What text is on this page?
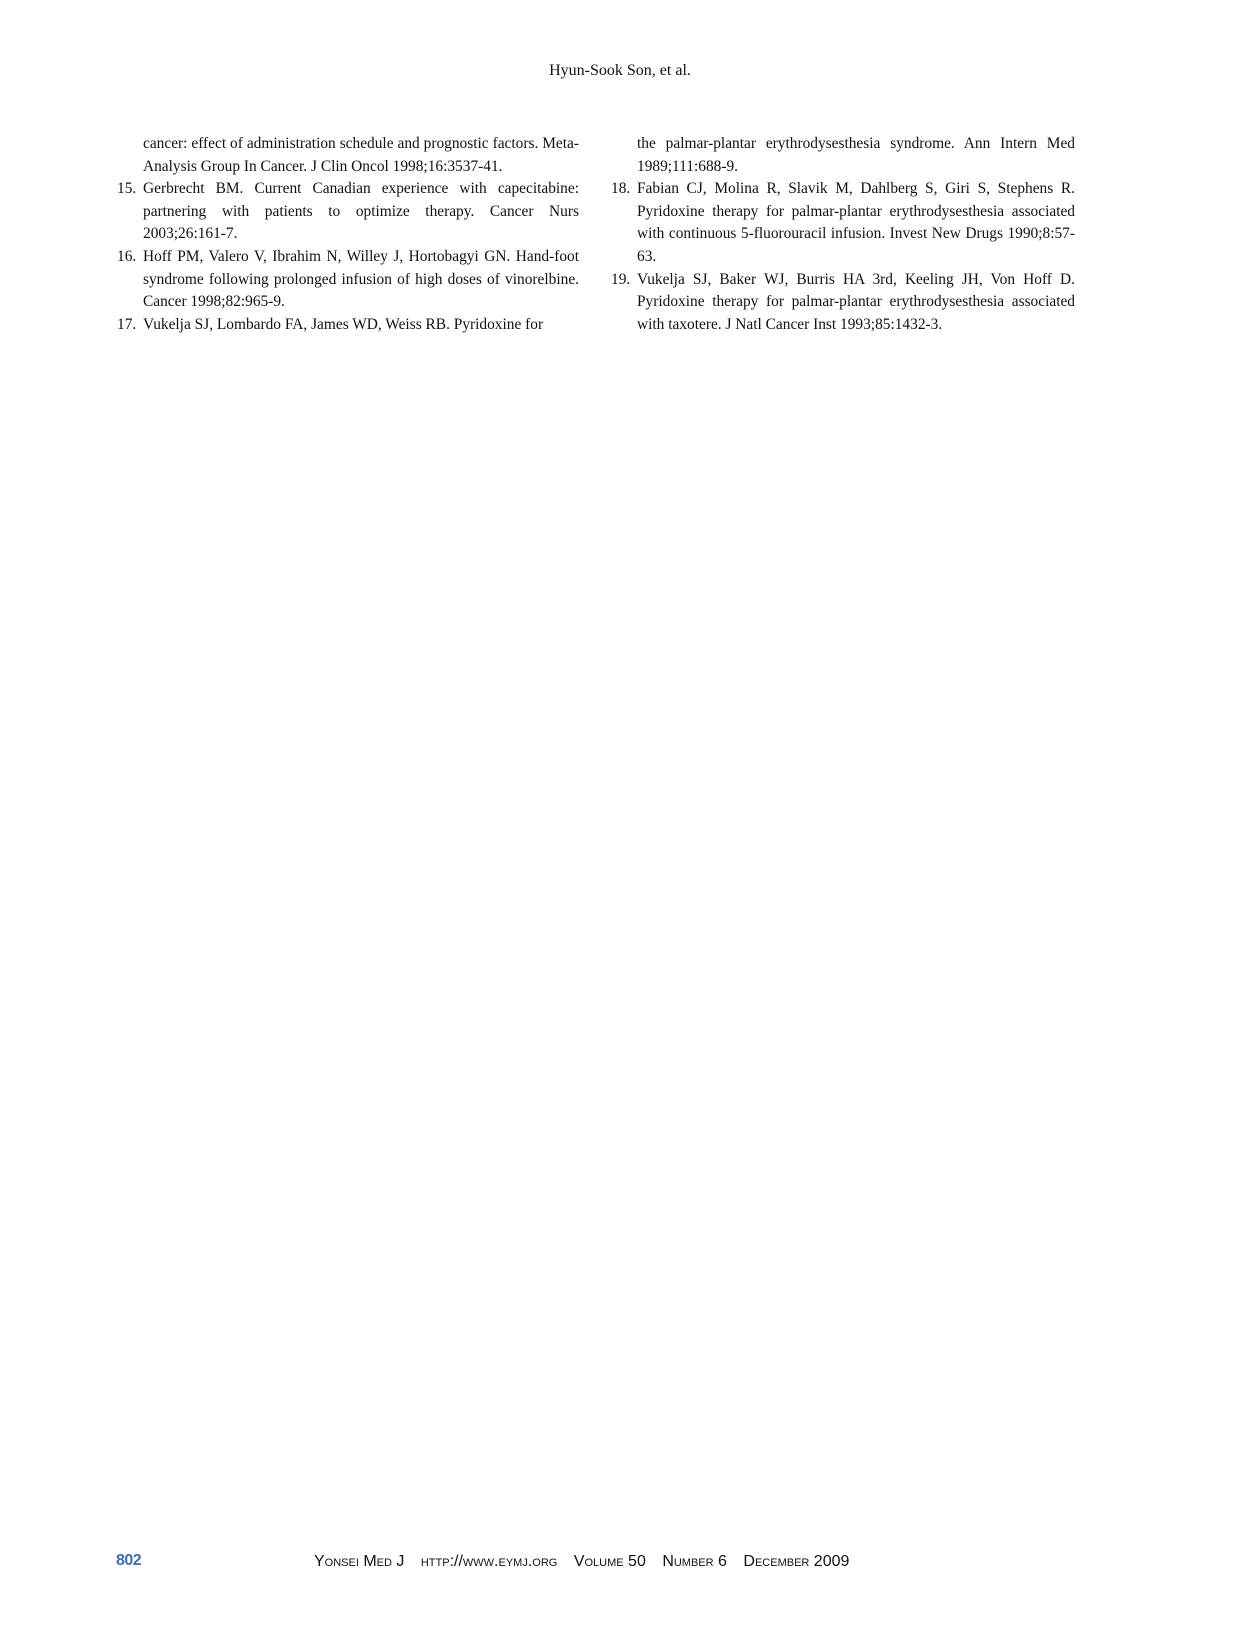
Hyun-Sook Son, et al.

cancer: effect of administration schedule and prognostic factors. Meta-Analysis Group In Cancer. J Clin Oncol 1998;16:3537-41.

15. Gerbrecht BM. Current Canadian experience with capecitabine: partnering with patients to optimize therapy. Cancer Nurs 2003;26:161-7.
16. Hoff PM, Valero V, Ibrahim N, Willey J, Hortobagyi GN. Hand-foot syndrome following prolonged infusion of high doses of vinorelbine. Cancer 1998;82:965-9.
17. Vukelja SJ, Lombardo FA, James WD, Weiss RB. Pyridoxine for

the palmar-plantar erythrodysesthesia syndrome. Ann Intern Med 1989;111:688-9.

18. Fabian CJ, Molina R, Slavik M, Dahlberg S, Giri S, Stephens R. Pyridoxine therapy for palmar-plantar erythrodysesthesia associated with continuous 5-fluorouracil infusion. Invest New Drugs 1990;8:57-63.
19. Vukelja SJ, Baker WJ, Burris HA 3rd, Keeling JH, Von Hoff D. Pyridoxine therapy for palmar-plantar erythrodysesthesia associated with taxotere. J Natl Cancer Inst 1993;85:1432-3.
802	Yonsei Med J http://www.eymj.org Volume 50 Number 6 December 2009
